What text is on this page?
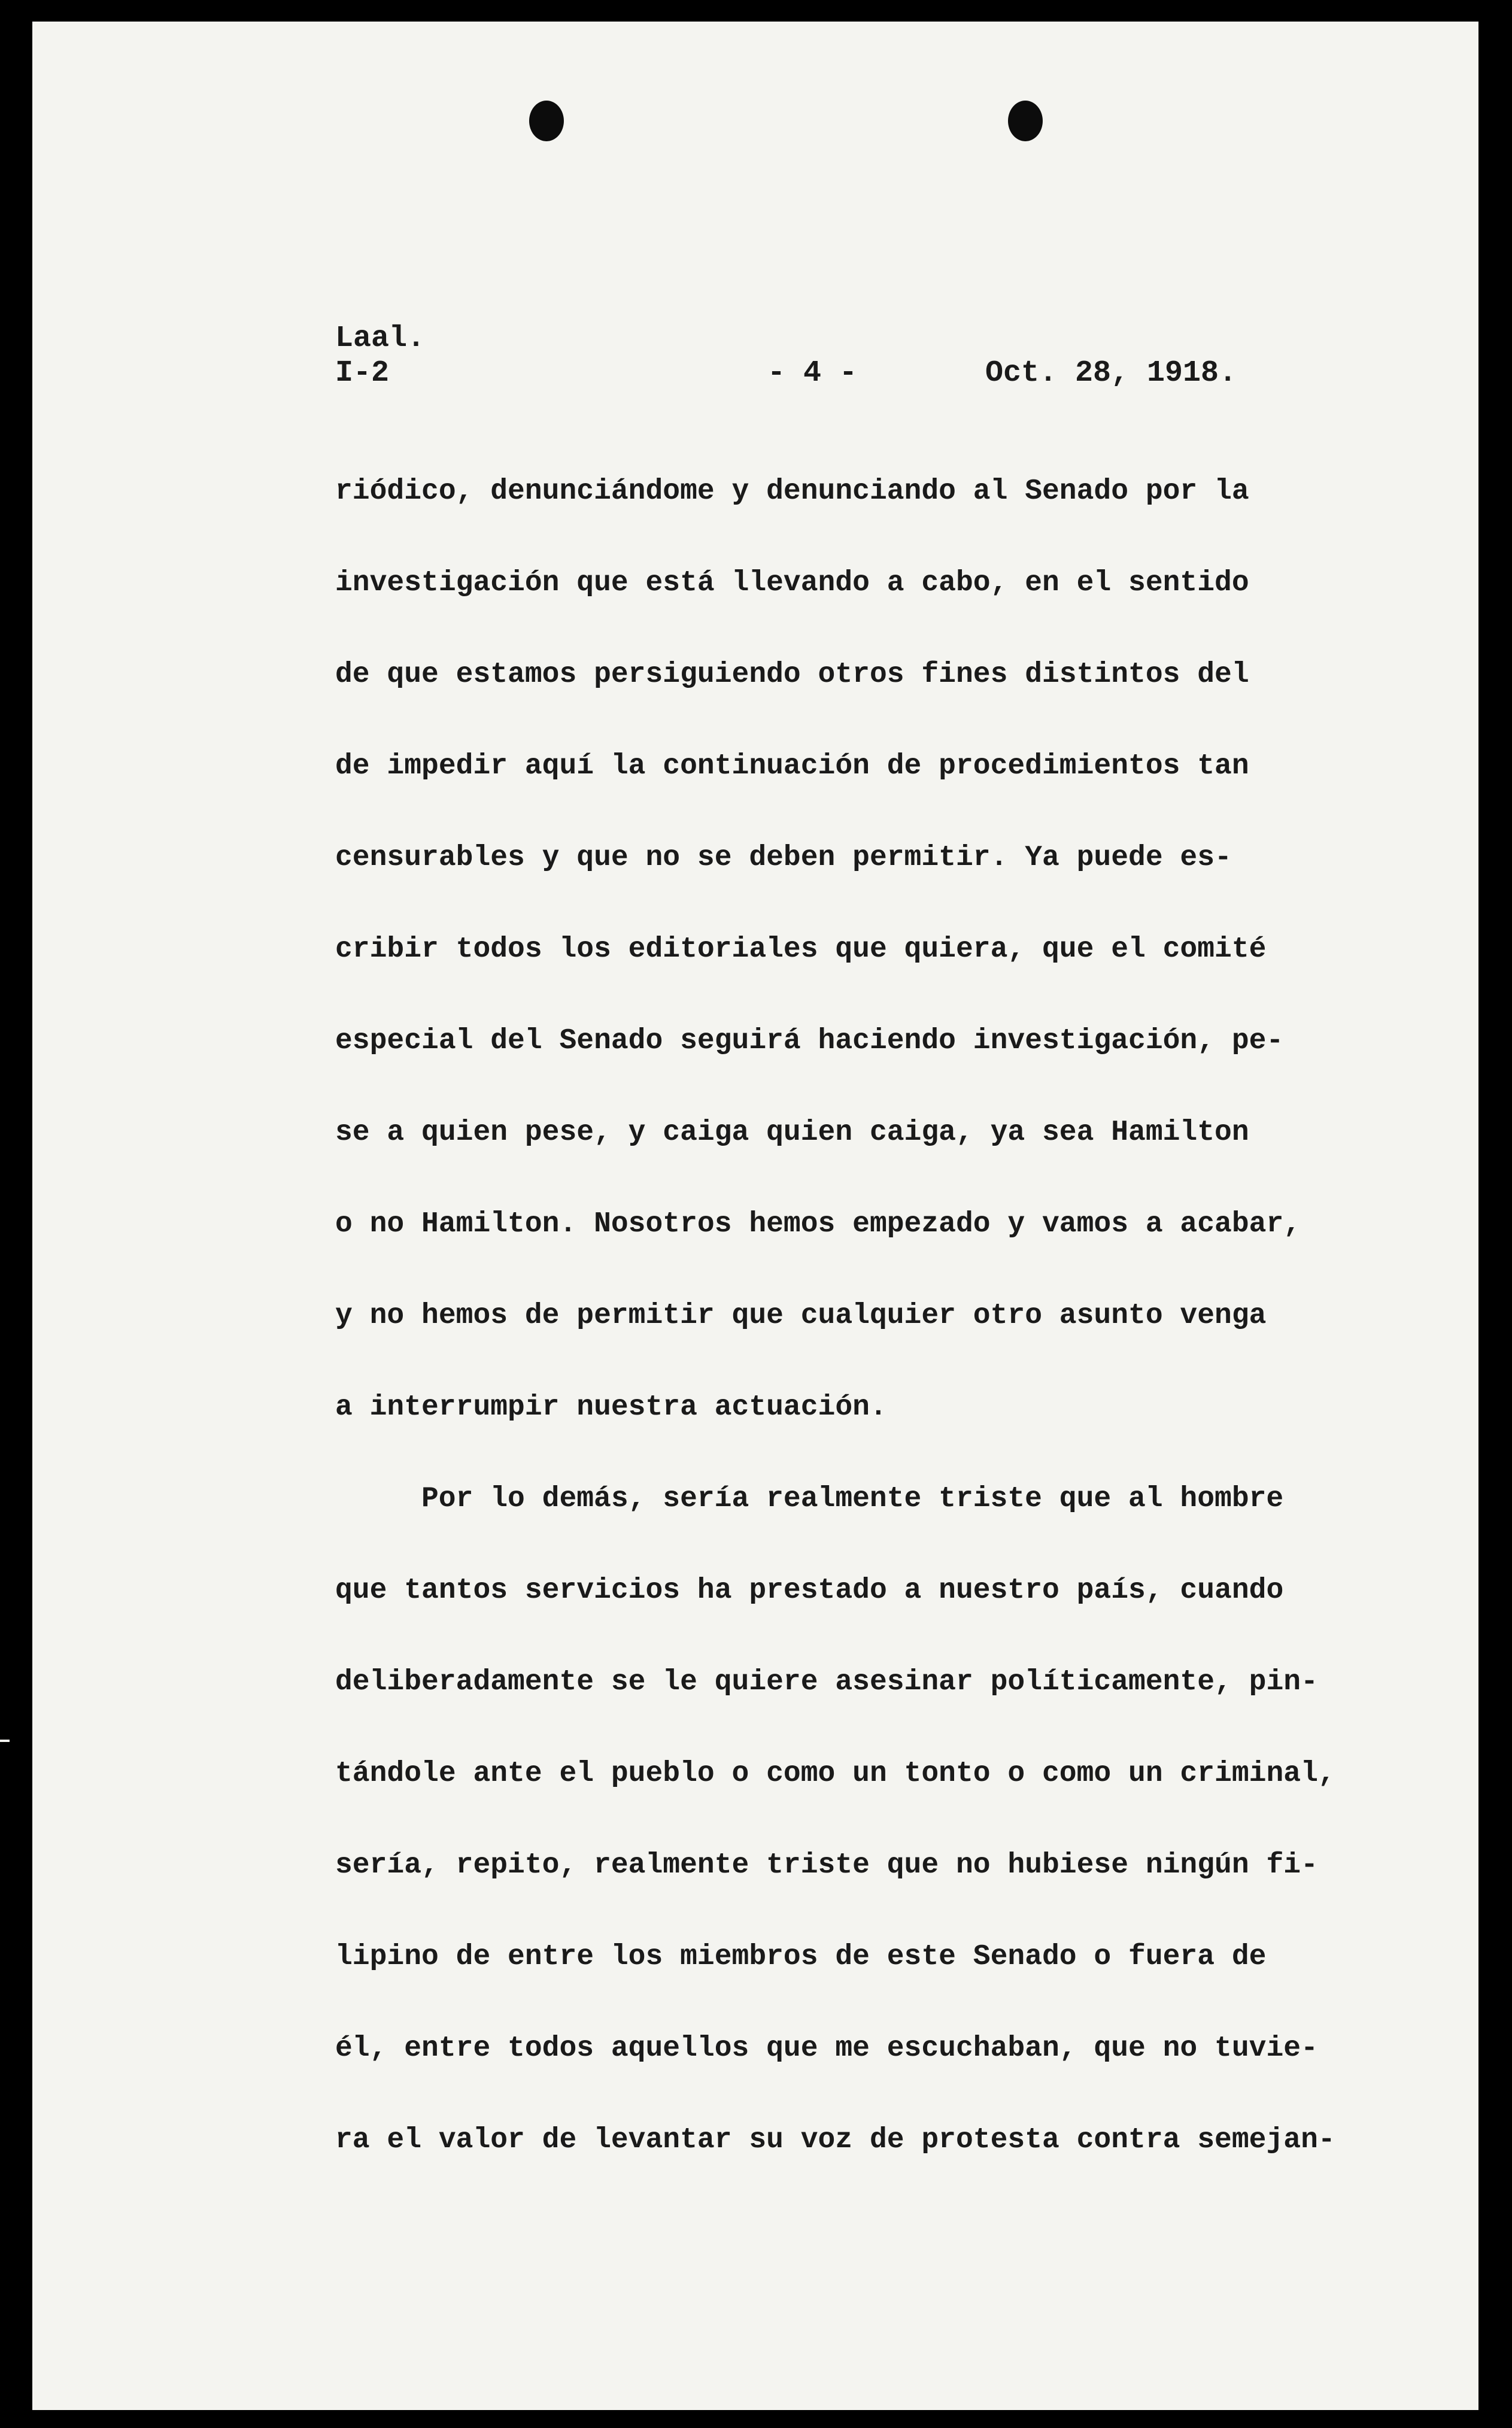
Laal.
I-2	- 4 -	Oct. 28, 1918.
riódico, denunciándome y denunciando al Senado por la
investigación que está llevando a cabo, en el sentido
de que estamos persiguiendo otros fines distintos del
de impedir aquí la continuación de procedimientos tan
censurables y que no se deben permitir. Ya puede es-
cribir todos los editoriales que quiera, que el comité
especial del Senado seguirá haciendo investigación, pe-
se a quien pese, y caiga quien caiga, ya sea Hamilton
o no Hamilton. Nosotros hemos empezado y vamos a acabar,
y no hemos de permitir que cualquier otro asunto venga
a interrumpir nuestra actuación.
Por lo demás, sería realmente triste que al hombre
que tantos servicios ha prestado a nuestro país, cuando
deliberadamente se le quiere asesinar políticamente, pin-
tándole ante el pueblo o como un tonto o como un criminal,
sería, repito, realmente triste que no hubiese ningún fi-
lipino de entre los miembros de este Senado o fuera de
él, entre todos aquellos que me escuchaban, que no tuvie-
ra el valor de levantar su voz de protesta contra semejan-
